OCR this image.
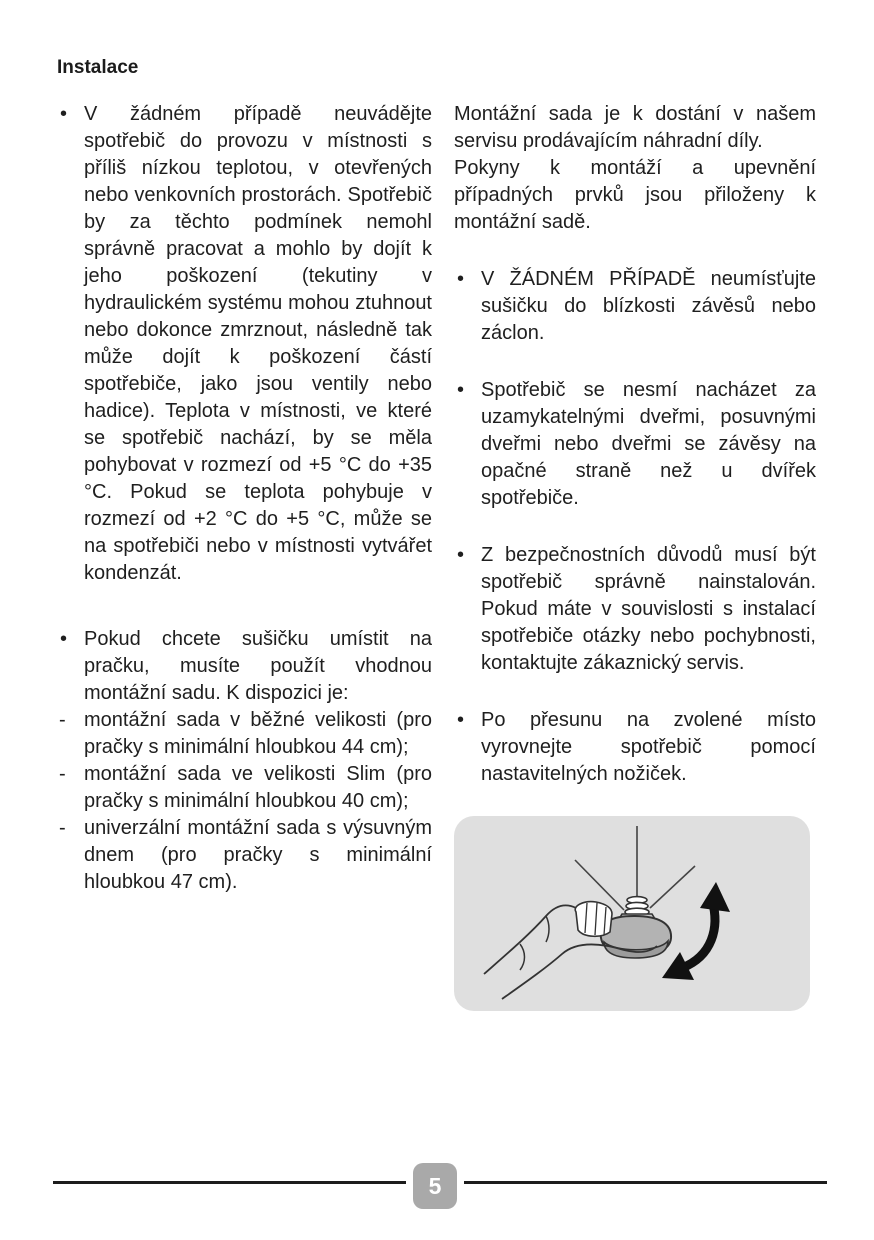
Instalace
• V žádném případě neuvádějte spotřebič do provozu v místnosti s příliš nízkou teplotou, v otevřených nebo venkovních prostorách. Spotřebič by za těchto podmínek nemohl správně pracovat a mohlo by dojít k jeho poškození (tekutiny v hydraulickém systému mohou ztuhnout nebo dokonce zmrznout, následně tak může dojít k poškození částí spotřebiče, jako jsou ventily nebo hadice). Teplota v místnosti, ve které se spotřebič nachází, by se měla pohybovat v rozmezí od +5 °C do +35 °C. Pokud se teplota pohybuje v rozmezí od +2 °C do +5 °C, může se na spotřebiči nebo v místnosti vytvářet kondenzát.
• Pokud chcete sušičku umístit na pračku, musíte použít vhodnou montážní sadu. K dispozici je:
- montážní sada v běžné velikosti (pro pračky s minimální hloubkou 44 cm);
- montážní sada ve velikosti Slim (pro pračky s minimální hloubkou 40 cm);
- univerzální montážní sada s výsuvným dnem (pro pračky s minimální hloubkou 47 cm).

Montážní sada je k dostání v našem servisu prodávajícím náhradní díly.

Pokyny k montáží a upevnění případných prvků jsou přiloženy k montážní sadě.

• V ŽÁDNÉM PŘÍPADĚ neumísťujte sušičku do blízkosti závěsů nebo záclon.
• Spotřebič se nesmí nacházet za uzamykatelnými dveřmi, posuvnými dveřmi nebo dveřmi se závěsy na opačné straně než u dvířek spotřebiče.
• Z bezpečnostních důvodů musí být spotřebič správně nainstalován. Pokud máte v souvislosti s instalací spotřebiče otázky nebo pochybnosti, kontaktujte zákaznický servis.
• Po přesunu na zvolené místo vyrovnejte spotřebič pomocí nastavitelných nožiček.
5
